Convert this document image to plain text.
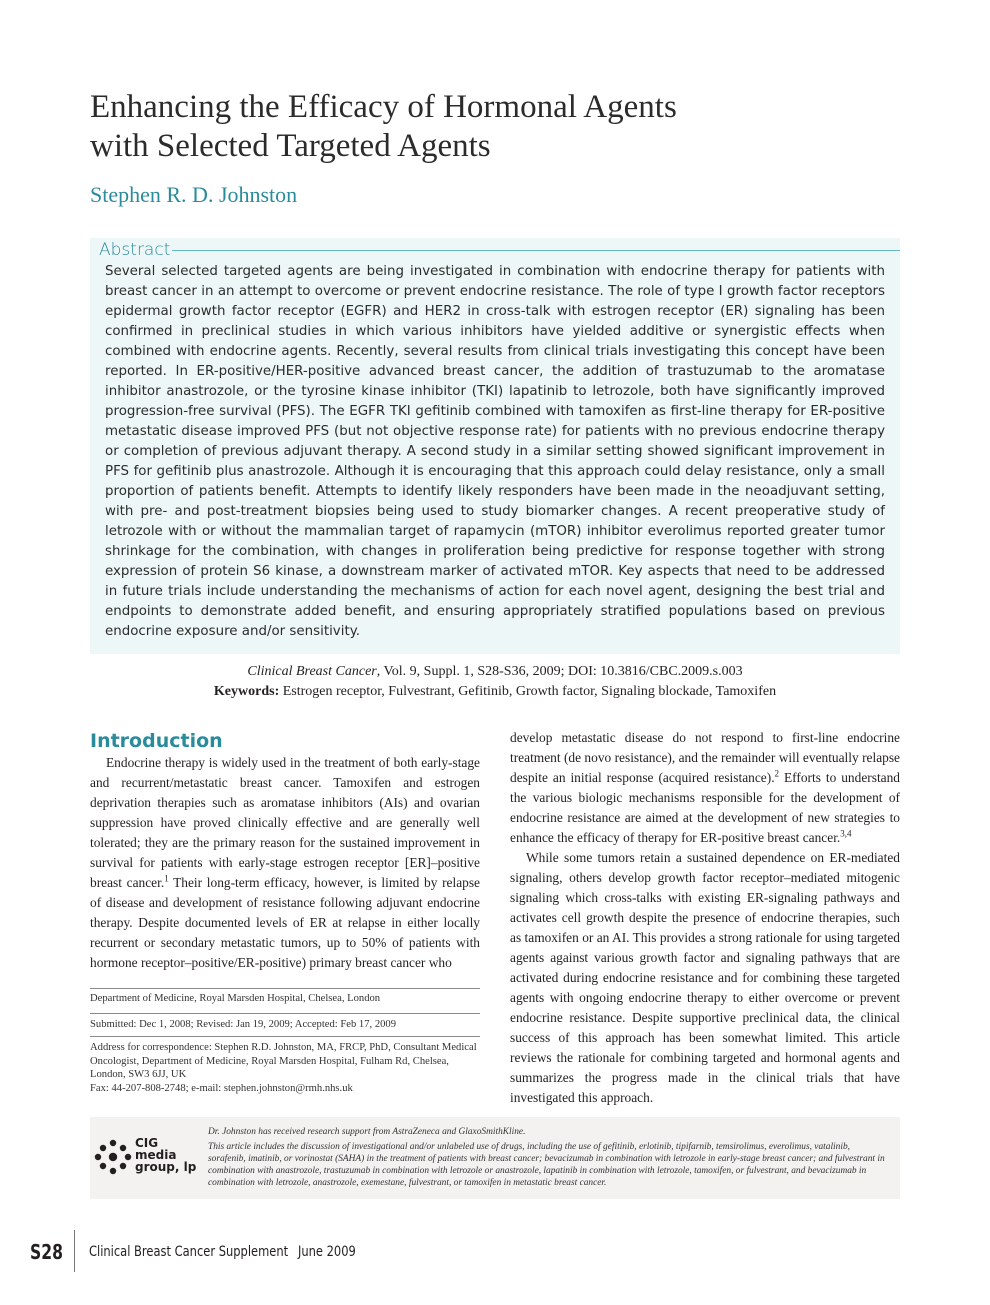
Enhancing the Efficacy of Hormonal Agents
with Selected Targeted Agents
Stephen R. D. Johnston
Abstract

Several selected targeted agents are being investigated in combination with endocrine therapy for patients with breast cancer in an attempt to overcome or prevent endocrine resistance. The role of type I growth factor receptors epidermal growth factor receptor (EGFR) and HER2 in cross-talk with estrogen receptor (ER) signaling has been confirmed in preclinical studies in which various inhibitors have yielded additive or synergistic effects when combined with endocrine agents. Recently, several results from clinical trials investigating this concept have been reported. In ER-positive/HER-positive advanced breast cancer, the addition of trastuzumab to the aromatase inhibitor anastrozole, or the tyrosine kinase inhibitor (TKI) lapatinib to letrozole, both have significantly improved progression-free survival (PFS). The EGFR TKI gefitinib combined with tamoxifen as first-line therapy for ER-positive metastatic disease improved PFS (but not objective response rate) for patients with no previous endocrine therapy or completion of previous adjuvant therapy. A second study in a similar setting showed significant improvement in PFS for gefitinib plus anastrozole. Although it is encouraging that this approach could delay resistance, only a small proportion of patients benefit. Attempts to identify likely responders have been made in the neoadjuvant setting, with pre- and post-treatment biopsies being used to study biomarker changes. A recent preoperative study of letrozole with or without the mammalian target of rapamycin (mTOR) inhibitor everolimus reported greater tumor shrinkage for the combination, with changes in proliferation being predictive for response together with strong expression of protein S6 kinase, a downstream marker of activated mTOR. Key aspects that need to be addressed in future trials include understanding the mechanisms of action for each novel agent, designing the best trial and endpoints to demonstrate added benefit, and ensuring appropriately stratified populations based on previous endocrine exposure and/or sensitivity.

Clinical Breast Cancer, Vol. 9, Suppl. 1, S28-S36, 2009; DOI: 10.3816/CBC.2009.s.003
Keywords: Estrogen receptor, Fulvestrant, Gefitinib, Growth factor, Signaling blockade, Tamoxifen
Introduction

Endocrine therapy is widely used in the treatment of both early-stage and recurrent/metastatic breast cancer. Tamoxifen and estrogen deprivation therapies such as aromatase inhibitors (AIs) and ovarian suppression have proved clinically effective and are generally well tolerated; they are the primary reason for the sustained improvement in survival for patients with early-stage estrogen receptor [ER]–positive breast cancer.$^1$ Their long-term efficacy, however, is limited by relapse of disease and development of resistance following adjuvant endocrine therapy. Despite documented levels of ER at relapse in either locally recurrent or secondary metastatic tumors, up to 50% of patients with hormone receptor–positive/ER-positive) primary breast cancer who

Department of Medicine, Royal Marsden Hospital, Chelsea, London

Submitted: Dec 1, 2008; Revised: Jan 19, 2009; Accepted: Feb 17, 2009

Address for correspondence: Stephen R.D. Johnston, MA, FRCP, PhD, Consultant Medical Oncologist, Department of Medicine, Royal Marsden Hospital, Fulham Rd, Chelsea, London, SW3 6JJ, UK

Fax: 44-207-808-2748; e-mail: stephen.johnston@rmh.nhs.uk

develop metastatic disease do not respond to first-line endocrine treatment (de novo resistance), and the remainder will eventually relapse despite an initial response (acquired resistance).$^2$ Efforts to understand the various biologic mechanisms responsible for the development of endocrine resistance are aimed at the development of new strategies to enhance the efficacy of therapy for ER-positive breast cancer.$^{3,4}$

While some tumors retain a sustained dependence on ER-mediated signaling, others develop growth factor receptor–mediated mitogenic signaling which cross-talks with existing ER-signaling pathways and activates cell growth despite the presence of endocrine therapies, such as tamoxifen or an AI. This provides a strong rationale for using targeted agents against various growth factor and signaling pathways that are activated during endocrine resistance and for combining these targeted agents with ongoing endocrine therapy to either overcome or prevent endocrine resistance. Despite supportive preclinical data, the clinical success of this approach has been somewhat limited. This article reviews the rationale for combining targeted and hormonal agents and summarizes the progress made in the clinical trials that have investigated this approach.

CIG
media
group, lp
Dr. Johnston has received research support from AstraZeneca and GlaxoSmithKline.
This article includes the discussion of investigational and/or unlabeled use of drugs, including the use of gefitinib, erlotinib, tipifarnib, temsirolimus, everolimus, vatalinib, sorafenib, imatinib, or vorinostat (SAHA) in the treatment of patients with breast cancer; bevacizumab in combination with letrozole in early-stage breast cancer; and fulvestrant in combination with anastrozole, trastuzumab in combination with letrozole or anastrozole, lapatinib in combination with letrozole, tamoxifen, or fulvestrant, and bevacizumab in combination with letrozole, anastrozole, exemestane, fulvestrant, or tamoxifen in metastatic breast cancer.
S28 Clinical Breast Cancer Supplement June 2009
